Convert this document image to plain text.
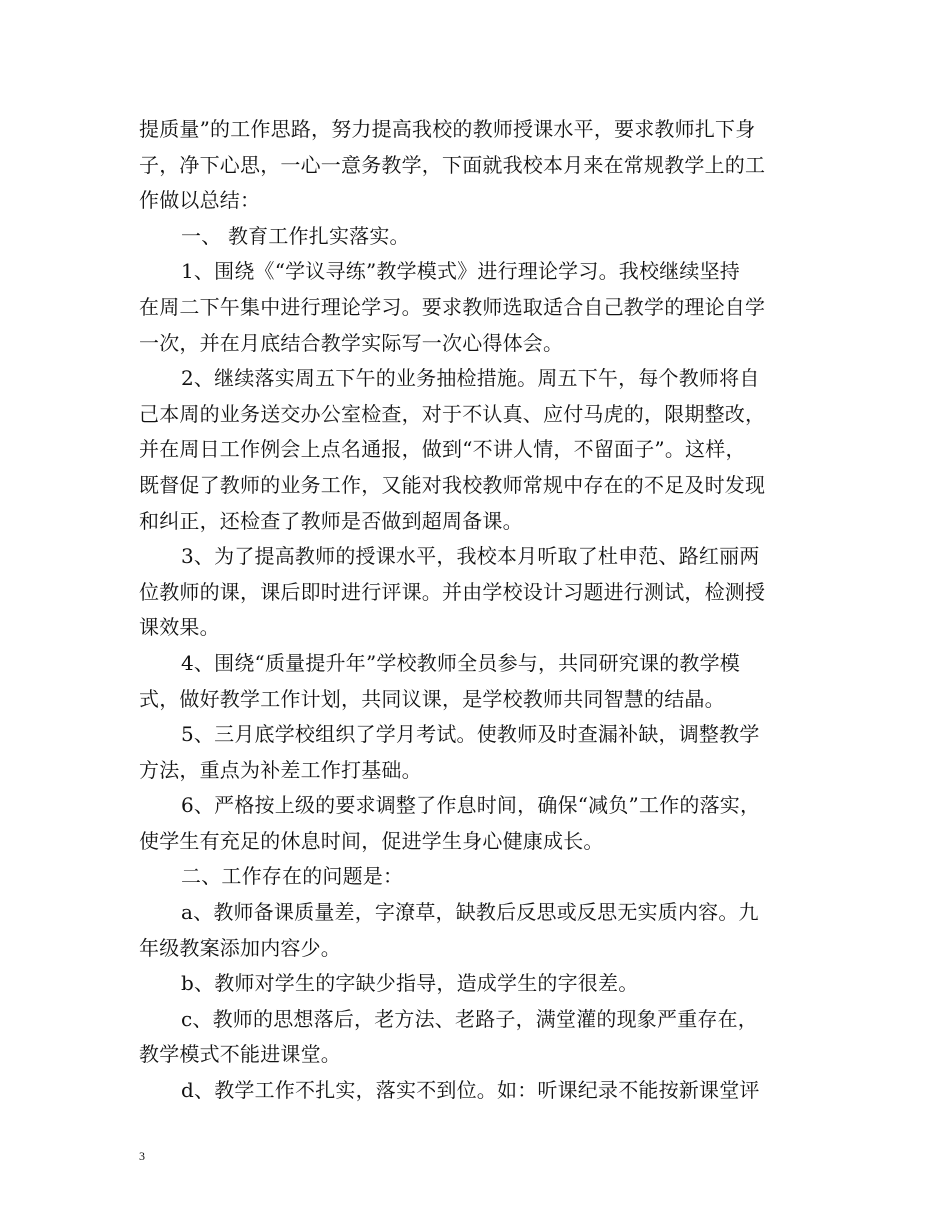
提质量”的工作思路，努力提高我校的教师授课水平，要求教师扎下身
子，净下心思，一心一意务教学，下面就我校本月来在常规教学上的工
作做以总结：
一、 教育工作扎实落实。
1、围绕《“学议寻练”教学模式》进行理论学习。我校继续坚持
在周二下午集中进行理论学习。要求教师选取适合自己教学的理论自学
一次，并在月底结合教学实际写一次心得体会。
2、继续落实周五下午的业务抽检措施。周五下午，每个教师将自
己本周的业务送交办公室检查，对于不认真、应付马虎的，限期整改，
并在周日工作例会上点名通报，做到“不讲人情，不留面子”。这样，
既督促了教师的业务工作，又能对我校教师常规中存在的不足及时发现
和纠正，还检查了教师是否做到超周备课。
3、为了提高教师的授课水平，我校本月听取了杜申范、路红丽两
位教师的课，课后即时进行评课。并由学校设计习题进行测试，检测授
课效果。
4、围绕“质量提升年”学校教师全员参与，共同研究课的教学模
式，做好教学工作计划，共同议课，是学校教师共同智慧的结晶。
5、三月底学校组织了学月考试。使教师及时查漏补缺，调整教学
方法，重点为补差工作打基础。
6、严格按上级的要求调整了作息时间，确保“减负”工作的落实，
使学生有充足的休息时间，促进学生身心健康成长。
二、工作存在的问题是：
a、教师备课质量差，字潦草，缺教后反思或反思无实质内容。九
年级教案添加内容少。
b、教师对学生的字缺少指导，造成学生的字很差。
c、教师的思想落后，老方法、老路子，满堂灌的现象严重存在，
教学模式不能进课堂。
d、教学工作不扎实，落实不到位。如：听课纪录不能按新课堂评
3
